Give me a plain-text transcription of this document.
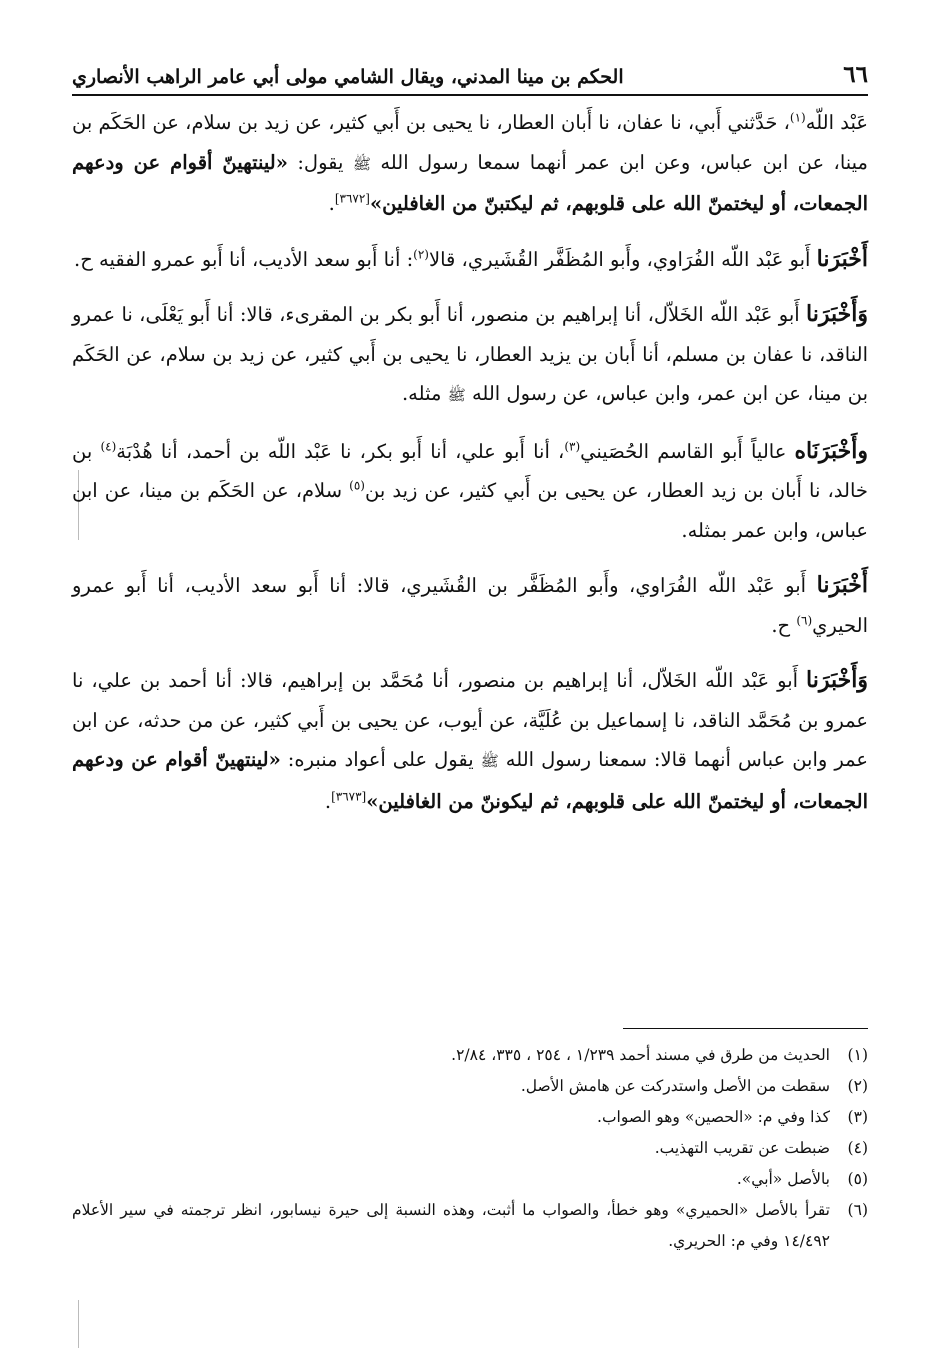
٦٦
الحكم بن مينا المدني، ويقال الشامي مولى أبي عامر الراهب الأنصاري

عَبْد اللّه$^{(١)}$، حَدَّثني أَبي، نا عفان، نا أَبان العطار، نا يحيى بن أَبي كثير، عن زيد بن سلام، عن الحَكَم بن مينا، عن ابن عباس، وعن ابن عمر أنهما سمعا رسول الله ﷺ يقول: «لينتهينّ أقوام عن ودعهم الجمعات، أو ليختمنّ الله على قلوبهم، ثم ليكتبنّ من الغافلين»[٣٦٧٢].

أَخْبَرَنا أَبو عَبْد اللّه الفُرَاوي، وأَبو المُظَفَّر القُشَيري، قالا$^{(٢)}$: أنا أَبو سعد الأديب، أنا أَبو عمرو الفقيه ح.

وَأَخْبَرَنا أَبو عَبْد اللّه الخَلاّل، أنا إبراهيم بن منصور، أنا أَبو بكر بن المقرىء، قالا: أنا أَبو يَعْلَى، نا عمرو الناقد، نا عفان بن مسلم، أنا أَبان بن يزيد العطار، نا يحيى بن أَبي كثير، عن زيد بن سلام، عن الحَكَم بن مينا، عن ابن عمر، وابن عباس، عن رسول الله ﷺ مثله.

وأَخْبَرَنَاه عالياً أَبو القاسم الحُصَيني$^{(٣)}$، أنا أَبو علي، أنا أَبو بكر، نا عَبْد اللّه بن أحمد، أنا هُدْبَة$^{(٤)}$ بن خالد، نا أَبان بن زيد العطار، عن يحيى بن أَبي كثير، عن زيد بن$^{(٥)}$ سلام، عن الحَكَم بن مينا، عن ابن عباس، وابن عمر بمثله.

أَخْبَرَنا أَبو عَبْد اللّه الفُرَاوي، وأَبو المُظَفَّر بن القُشَيري، قالا: أنا أَبو سعد الأديب، أنا أَبو عمرو الحيري$^{(٦)}$ ح.

وَأَخْبَرَنا أَبو عَبْد اللّه الخَلاّل، أنا إبراهيم بن منصور، أنا مُحَمَّد بن إبراهيم، قالا: أنا أحمد بن علي، نا عمرو بن مُحَمَّد الناقد، نا إسماعيل بن عُلَيَّة، عن أيوب، عن يحيى بن أَبي كثير، عن من حدثه، عن ابن عمر وابن عباس أنهما قالا: سمعنا رسول الله ﷺ يقول على أعواد منبره: «لينتهينّ أقوام عن ودعهم الجمعات، أو ليختمنّ الله على قلوبهم، ثم ليكوننّ من الغافلين»[٣٦٧٣].

(١)
الحديث من طرق في مسند أحمد ١/٢٣٩ ، ٢٥٤ ، ٣٣٥، ٢/٨٤.
(٢)
سقطت من الأصل واستدركت عن هامش الأصل.
(٣)
كذا وفي م: «الحصين» وهو الصواب.
(٤)
ضبطت عن تقريب التهذيب.
(٥)
بالأصل «أبي».
(٦)
تقرأ بالأصل «الحميري» وهو خطأ، والصواب ما أثبت، وهذه النسبة إلى حيرة نيسابور، انظر ترجمته في سير الأعلام ١٤/٤٩٢ وفي م: الحريري.
